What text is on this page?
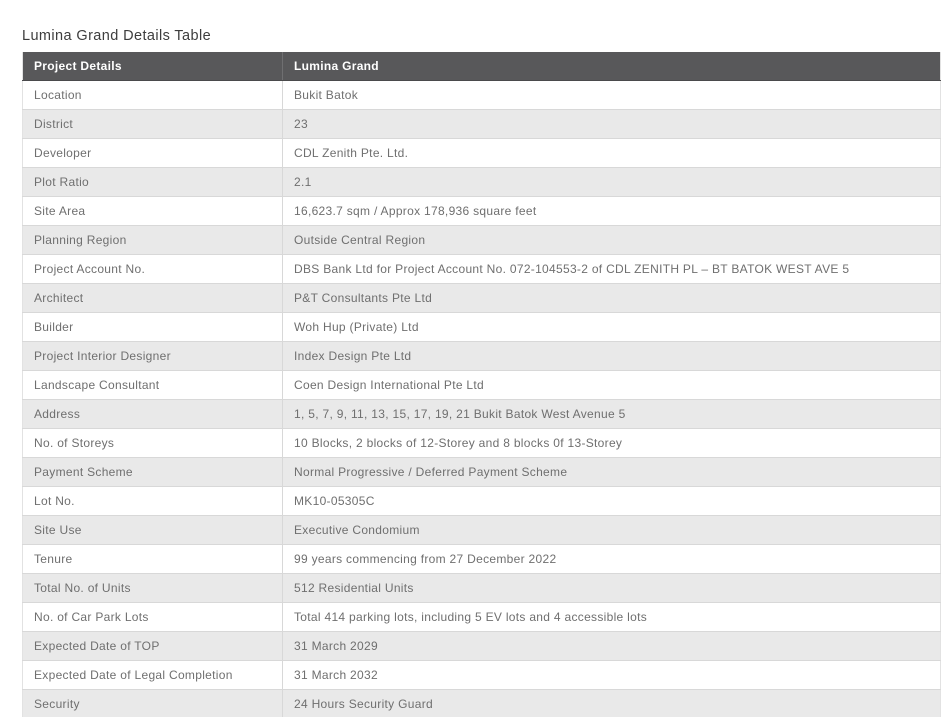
Lumina Grand Details Table
Project Details	Lumina Grand
Location	Bukit Batok
District	23
Developer	CDL Zenith Pte. Ltd.
Plot Ratio	2.1
Site Area	16,623.7 sqm / Approx 178,936 square feet
Planning Region	Outside Central Region
Project Account No.	DBS Bank Ltd for Project Account No. 072-104553-2 of CDL ZENITH PL – BT BATOK WEST AVE 5
Architect	P&T Consultants Pte Ltd
Builder	Woh Hup (Private) Ltd
Project Interior Designer	Index Design Pte Ltd
Landscape Consultant	Coen Design International Pte Ltd
Address	1, 5, 7, 9, 11, 13, 15, 17, 19, 21 Bukit Batok West Avenue 5
No. of Storeys	10 Blocks, 2 blocks of 12-Storey and 8 blocks 0f 13-Storey
Payment Scheme	Normal Progressive / Deferred Payment Scheme
Lot No.	MK10-05305C
Site Use	Executive Condomium
Tenure	99 years commencing from 27 December 2022
Total No. of Units	512 Residential Units
No. of Car Park Lots	Total 414 parking lots, including 5 EV lots and 4 accessible lots
Expected Date of TOP	31 March 2029
Expected Date of Legal Completion	31 March 2032
Security	24 Hours Security Guard
